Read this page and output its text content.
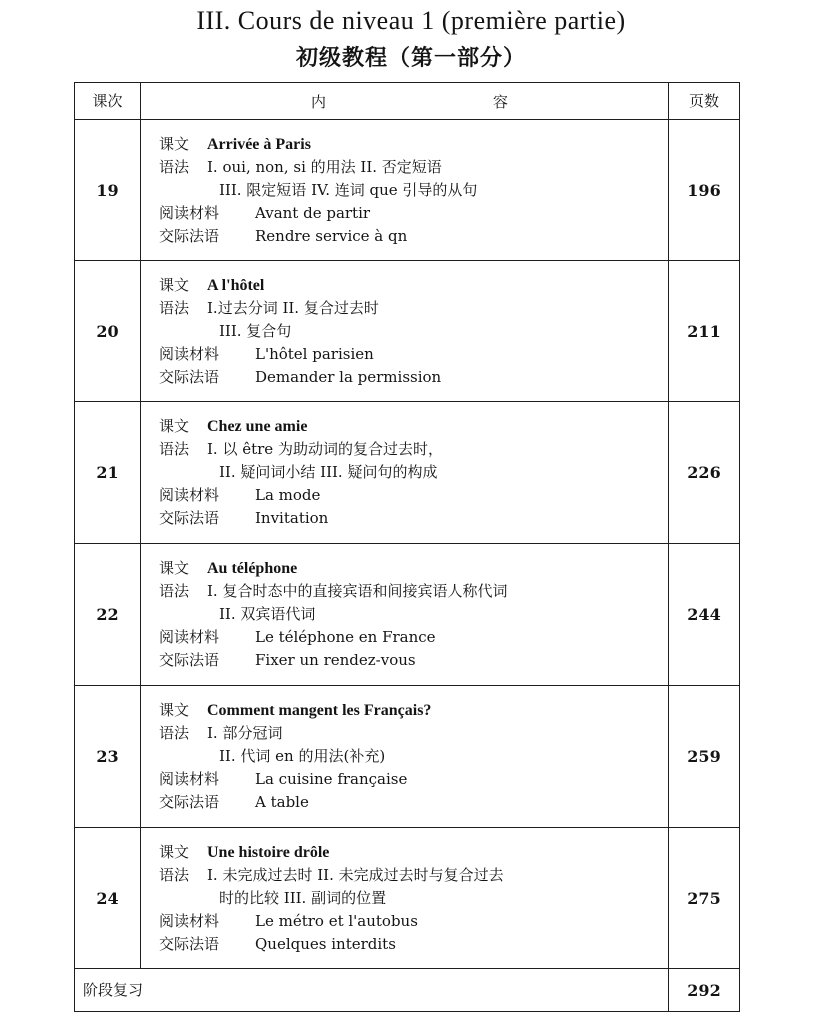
III. Cours de niveau 1 (première partie)
初级教程（第一部分）
课次	内 容	页数
19	课文 Arrivée à Paris
语法 I. oui, non, si 的用法 II. 否定短语
III. 限定短语 IV. 连词 que 引导的从句
阅读材料 Avant de partir
交际法语 Rendre service à qn	196
20	课文 A l'hôtel
语法 I.过去分词 II. 复合过去时
III. 复合句
阅读材料 L'hôtel parisien
交际法语 Demander la permission	211
21	课文 Chez une amie
语法 I. 以 être 为助动词的复合过去时，
II. 疑问词小结 III. 疑问句的构成
阅读材料 La mode
交际法语 Invitation	226
22	课文 Au téléphone
语法 I. 复合时态中的直接宾语和间接宾语人称代词
II. 双宾语代词
阅读材料 Le téléphone en France
交际法语 Fixer un rendez-vous	244
23	课文 Comment mangent les Français?
语法 I. 部分冠词
II. 代词 en 的用法(补充)
阅读材料 La cuisine française
交际法语 A table	259
24	课文 Une histoire drôle
语法 I. 未完成过去时 II. 未完成过去时与复合过去
时的比较 III. 副词的位置
阅读材料 Le métro et l'autobus
交际法语 Quelques interdits	275
阶段复习		292
